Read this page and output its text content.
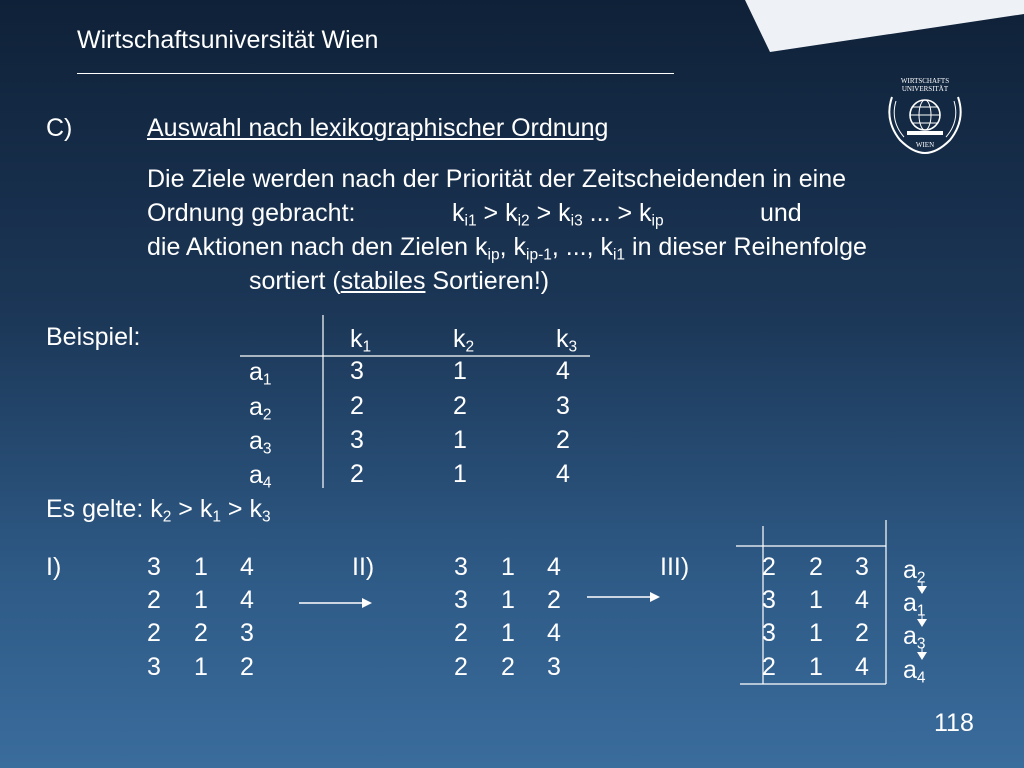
Wirtschaftsuniversität Wien
WIRTSCHAFTS
UNIVERSITÄT
WIEN
C)	Auswahl nach lexikographischer Ordnung
Die Ziele werden nach der Priorität der Zeitscheidenden in eine
Ordnung gebracht:	$k_{i1} > k_{i2} > k_{i3}$ ... > $k_{ip}$	und
die Aktionen nach den Zielen $k_{ip}$, $k_{ip-1}$, ..., $k_{i1}$ in dieser Reihenfolge
sortiert (stabiles Sortieren!)
Beispiel:	$k_1$	$k_2$	$k_3$
$a_1$	3	1	4
$a_2$	2	2	3
$a_3$	3	1	2
$a_4$	2	1	4
Es gelte: $k_2 > k_1 > k_3$
I)	3 1 4
2 1 4
2 2 3
3 1 2
II)	3 1 4
3 1 2
2 1 4
2 2 3
III)	2 2 3
3 1 4
3 1 2
2 1 4
$a_2$
$a_1$
$a_3$
$a_4$
118
